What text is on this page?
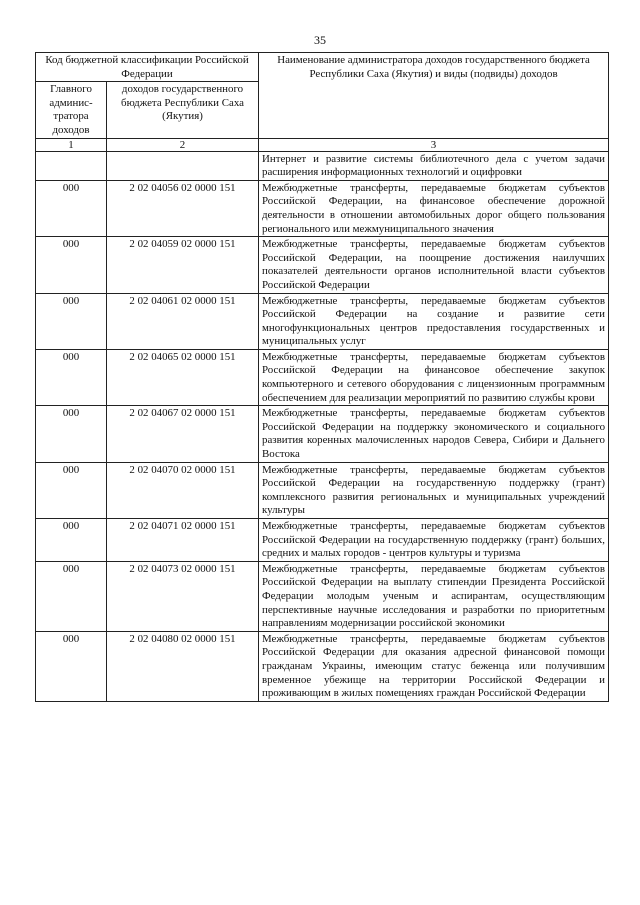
35
Код бюджетной классификации Российской Федерации		Наименование администратора доходов государственного бюджета Республики Саха (Якутия) и виды (подвиды) доходов
Главного админис-тратора доходов	доходов государственного бюджета Республики Саха (Якутия)	
1	2	3
		Интернет и развитие системы библиотечного дела с учетом задачи расширения информационных технологий и оцифровки
000	2 02 04056 02 0000 151	Межбюджетные трансферты, передаваемые бюджетам субъектов Российской Федерации, на финансовое обеспечение дорожной деятельности в отношении автомобильных дорог общего пользования регионального или межмуниципального значения
000	2 02 04059 02 0000 151	Межбюджетные трансферты, передаваемые бюджетам субъектов Российской Федерации, на поощрение достижения наилучших показателей деятельности органов исполнительной власти субъектов Российской Федерации
000	2 02 04061 02 0000 151	Межбюджетные трансферты, передаваемые бюджетам субъектов Российской Федерации на создание и развитие сети многофункциональных центров предоставления государственных и муниципальных услуг
000	2 02 04065 02 0000 151	Межбюджетные трансферты, передаваемые бюджетам субъектов Российской Федерации на финансовое обеспечение закупок компьютерного и сетевого оборудования с лицензионным программным обеспечением для реализации мероприятий по развитию службы крови
000	2 02 04067 02 0000 151	Межбюджетные трансферты, передаваемые бюджетам субъектов Российской Федерации на поддержку экономического и социального развития коренных малочисленных народов Севера, Сибири и Дальнего Востока
000	2 02 04070 02 0000 151	Межбюджетные трансферты, передаваемые бюджетам субъектов Российской Федерации на государственную поддержку (грант) комплексного развития региональных и муниципальных учреждений культуры
000	2 02 04071 02 0000 151	Межбюджетные трансферты, передаваемые бюджетам субъектов Российской Федерации на государственную поддержку (грант) больших, средних и малых городов - центров культуры и туризма
000	2 02 04073 02 0000 151	Межбюджетные трансферты, передаваемые бюджетам субъектов Российской Федерации на выплату стипендии Президента Российской Федерации молодым ученым и аспирантам, осуществляющим перспективные научные исследования и разработки по приоритетным направлениям модернизации российской экономики
000	2 02 04080 02 0000 151	Межбюджетные трансферты, передаваемые бюджетам субъектов Российской Федерации для оказания адресной финансовой помощи гражданам Украины, имеющим статус беженца или получившим временное убежище на территории Российской Федерации и проживающим в жилых помещениях граждан Российской Федерации
